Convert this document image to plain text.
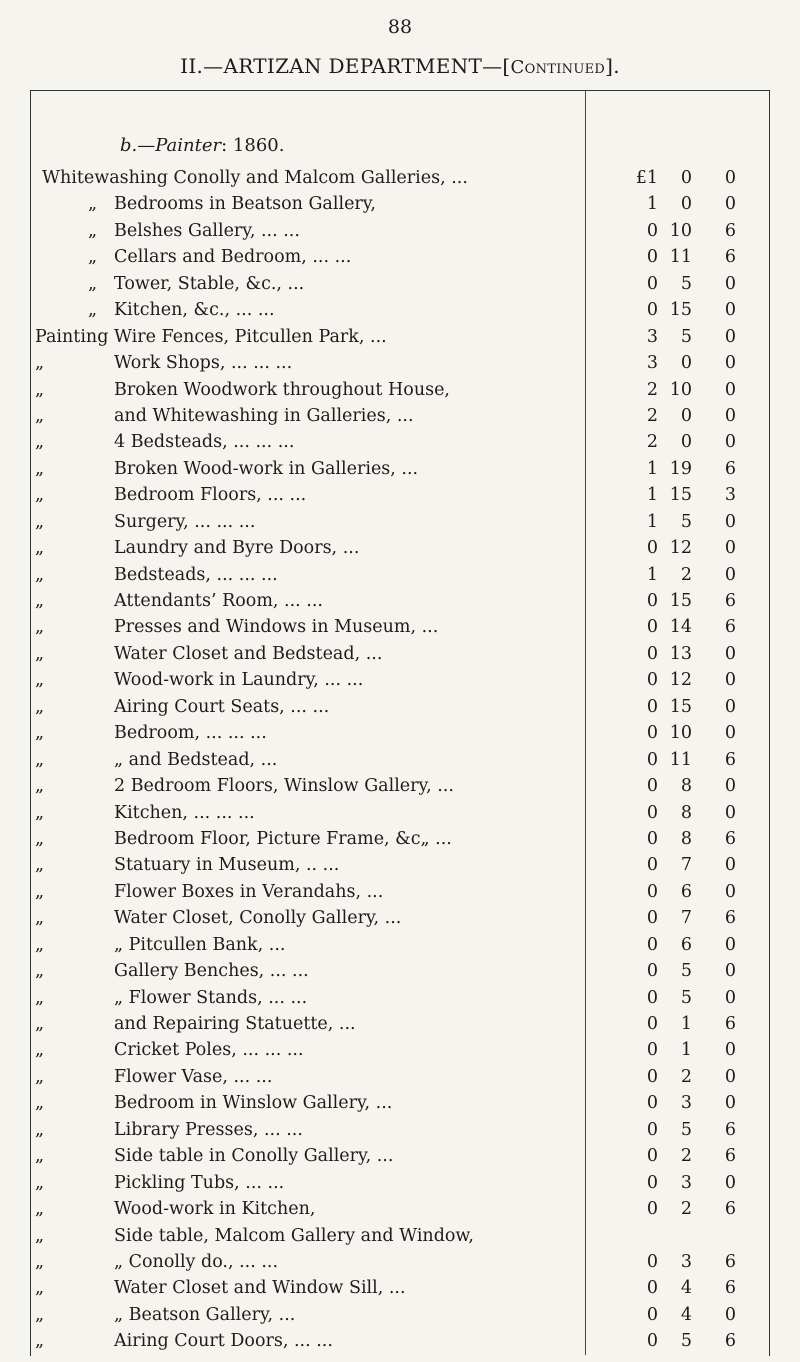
88
II.—ARTIZAN DEPARTMENT—[Continued].
b.—Painter: 1860.
Whitewashing Conolly and Malcom Galleries, ...	£1	0	0
„ Bedrooms in Beatson Gallery,	1	0	0
„ Belshes Gallery, ... ...	0 10	6
„ Cellars and Bedroom, ... ...	0 11	6
„ Tower, Stable, &c., ...	0	5	0
„ Kitchen, &c., ... ...	0 15	0
Painting Wire Fences, Pitcullen Park, ...	3	5	0
„	Work Shops, ... ... ...	3	0	0
„	Broken Woodwork throughout House,	2 10	0
„	and Whitewashing in Galleries, ...	2	0	0
„	4 Bedsteads, ... ... ...	2	0	0
„	Broken Wood-work in Galleries, ...	1 19	6
„	Bedroom Floors, ... ...	1 15	3
„	Surgery, ... ... ...	1	5	0
„	Laundry and Byre Doors, ...	0 12	0
„	Bedsteads, ... ... ...	1	2	0
„	Attendants’ Room, ... ...	0 15	6
„	Presses and Windows in Museum, ...	0 14	6
„	Water Closet and Bedstead, ...	0 13	0
„	Wood-work in Laundry, ... ...	0 12	0
„	Airing Court Seats, ... ...	0 15	0
„	Bedroom, ... ... ...	0 10	0
„	„ and Bedstead, ...	0 11	6
„	2 Bedroom Floors, Winslow Gallery, ...	0	8	0
„	Kitchen, ... ... ...	0	8	0
„	Bedroom Floor, Picture Frame, &c„ ...	0	8	6
„	Statuary in Museum, .. ...	0	7	0
„	Flower Boxes in Verandahs, ...	0	6	0
„	Water Closet, Conolly Gallery, ...	0	7	6
„	„ Pitcullen Bank, ...	0	6	0
„	Gallery Benches, ... ...	0	5	0
„	„ Flower Stands, ... ...	0	5	0
„	and Repairing Statuette, ...	0	1	6
„	Cricket Poles, ... ... ...	0	1	0
„	Flower Vase, ... ...	0	2	0
„	Bedroom in Winslow Gallery, ...	0	3	0
„	Library Presses, ... ...	0	5	6
„	Side table in Conolly Gallery, ...	0	2	6
„	Pickling Tubs, ... ...	0	3	0
„	Wood-work in Kitchen,	0	2	6
„	Side table, Malcom Gallery and Window,
„	„ Conolly do., ... ...	0	3	6
„	Water Closet and Window Sill, ...	0	4	6
„	„ Beatson Gallery, ...	0	4	0
„	Airing Court Doors, ... ...	0	5	6
